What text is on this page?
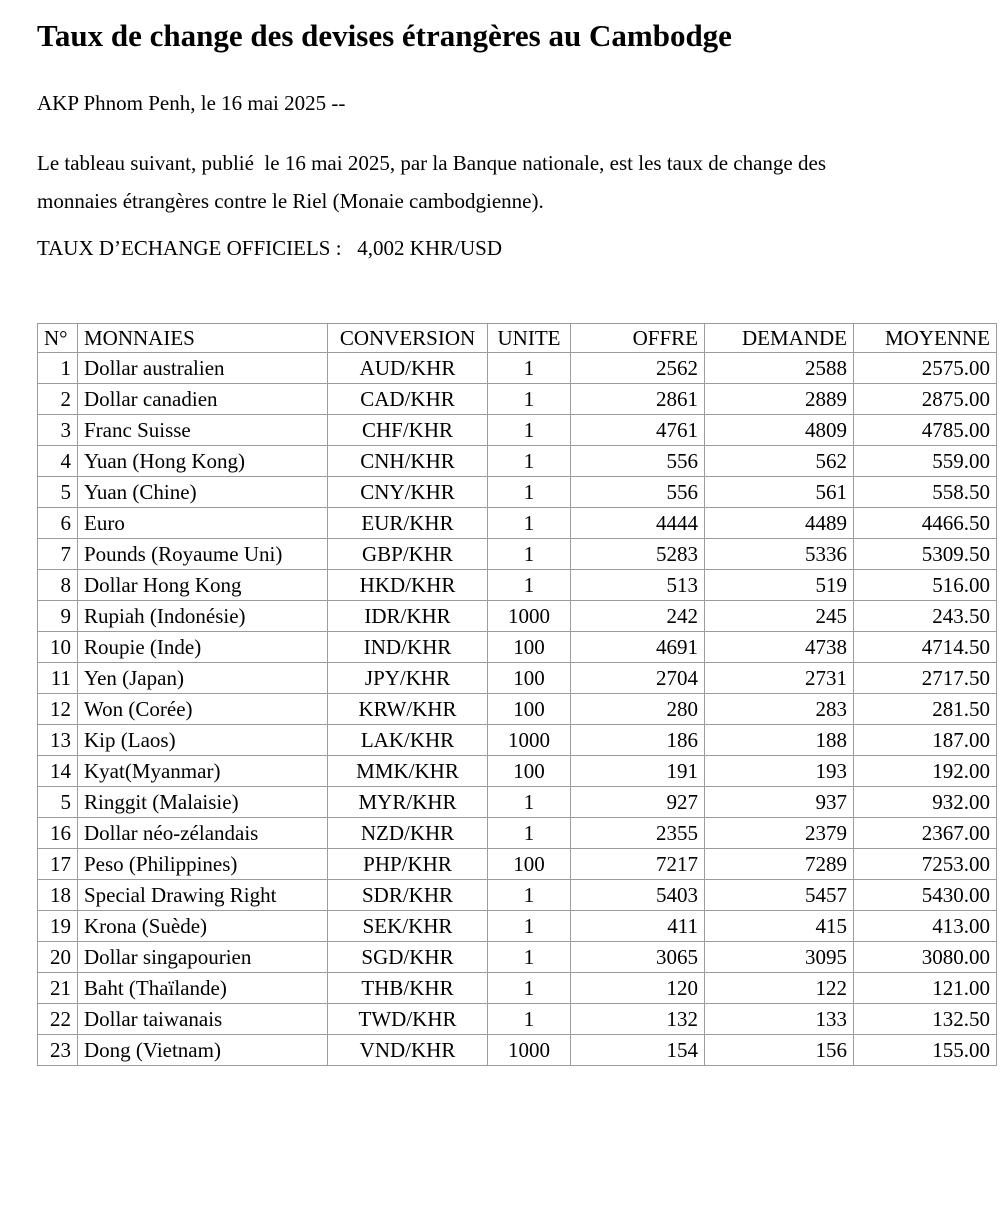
Taux de change des devises étrangères au Cambodge

AKP Phnom Penh, le 16 mai 2025 --

Le tableau suivant, publié  le 16 mai 2025, par la Banque nationale, est les taux de change des
monnaies étrangères contre le Riel (Monaie cambodgienne).

TAUX D’ECHANGE OFFICIELS :   4,002 KHR/USD

N°	MONNAIES	CONVERSION	UNITE	OFFRE	DEMANDE	MOYENNE
1	Dollar australien	AUD/KHR	1	2562	2588	2575.00
2	Dollar canadien	CAD/KHR	1	2861	2889	2875.00
3	Franc Suisse	CHF/KHR	1	4761	4809	4785.00
4	Yuan (Hong Kong)	CNH/KHR	1	556	562	559.00
5	Yuan (Chine)	CNY/KHR	1	556	561	558.50
6	Euro	EUR/KHR	1	4444	4489	4466.50
7	Pounds (Royaume Uni)	GBP/KHR	1	5283	5336	5309.50
8	Dollar Hong Kong	HKD/KHR	1	513	519	516.00
9	Rupiah (Indonésie)	IDR/KHR	1000	242	245	243.50
10	Roupie (Inde)	IND/KHR	100	4691	4738	4714.50
11	Yen (Japan)	JPY/KHR	100	2704	2731	2717.50
12	Won (Corée)	KRW/KHR	100	280	283	281.50
13	Kip (Laos)	LAK/KHR	1000	186	188	187.00
14	Kyat(Myanmar)	MMK/KHR	100	191	193	192.00
5	Ringgit (Malaisie)	MYR/KHR	1	927	937	932.00
16	Dollar néo-zélandais	NZD/KHR	1	2355	2379	2367.00
17	Peso (Philippines)	PHP/KHR	100	7217	7289	7253.00
18	Special Drawing Right	SDR/KHR	1	5403	5457	5430.00
19	Krona (Suède)	SEK/KHR	1	411	415	413.00
20	Dollar singapourien	SGD/KHR	1	3065	3095	3080.00
21	Baht (Thaïlande)	THB/KHR	1	120	122	121.00
22	Dollar taiwanais	TWD/KHR	1	132	133	132.50
23	Dong (Vietnam)	VND/KHR	1000	154	156	155.00
